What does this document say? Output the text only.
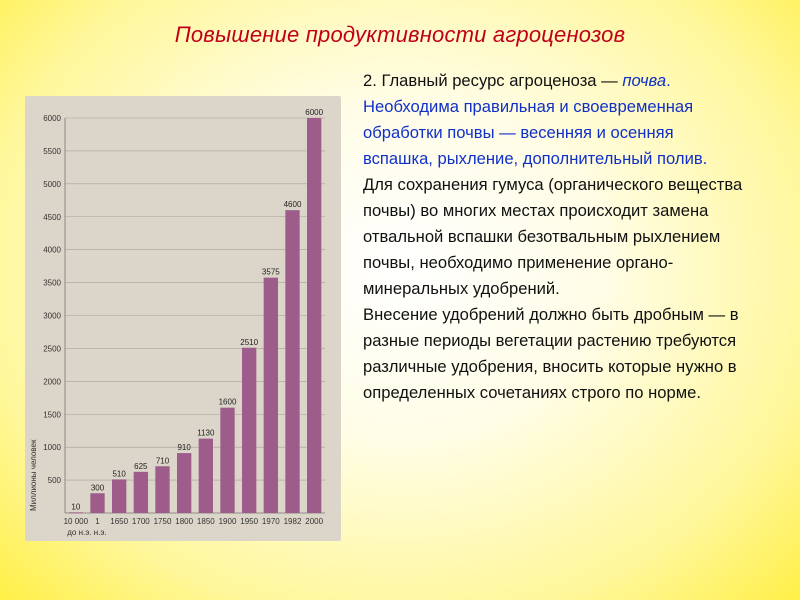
Повышение продуктивности агроценозов
500
1000
1500
2000
2500
3000
3500
4000
4500
5000
5500
6000
Миллионы человек	10
10 000
300
1
510
1650
625
1700
710
1750
910
1800
1130
1850
1600
1900
2510
1950
3575
1970
4600
1982
6000
2000
до н.э. н.э.

2. Главный ресурс агроценоза — почва. Необходима правильная и своевременная обработки почвы — весенняя и осенняя вспашка, рыхление, дополнительный полив.

Для сохранения гумуса (органического вещества почвы) во многих местах происходит замена отвальной вспашки безотвальным рыхлением почвы, необходимо применение органо-минеральных удобрений.

Внесение удобрений должно быть дробным — в разные периоды вегетации растению требуются различные удобрения, вносить которые нужно в определенных сочетаниях строго по норме.
